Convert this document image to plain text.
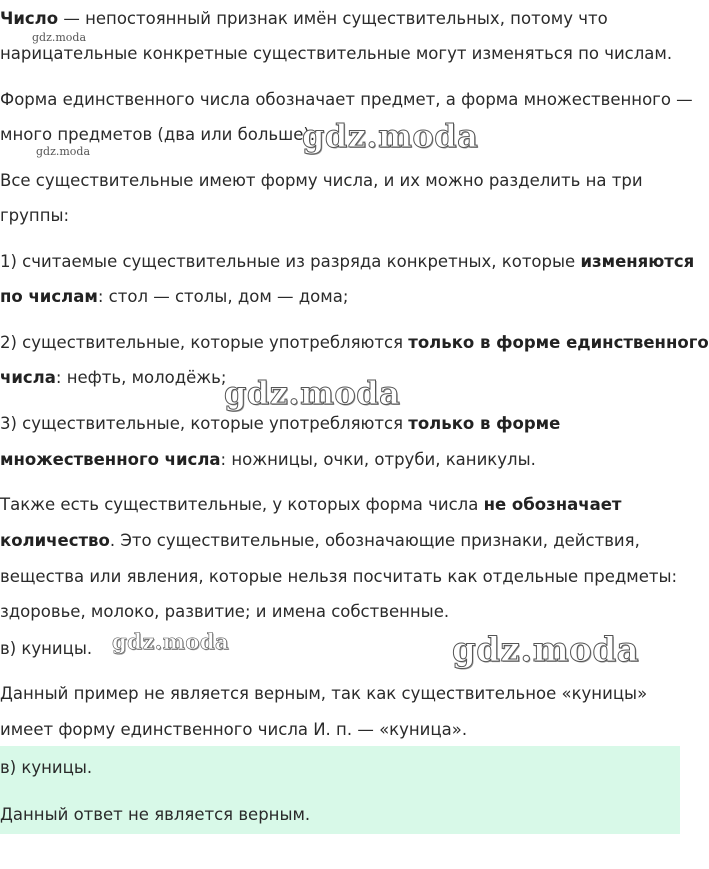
Число — непостоянный признак имён существительных, потому что

нарицательные конкретные существительные могут изменяться по числам.

Форма единственного числа обозначает предмет, а форма множественного —

много предметов (два или больше).

Все существительные имеют форму числа, и их можно разделить на три

группы:

1) считаемые существительные из разряда конкретных, которые изменяются

по числам: стол — столы, дом — дома;

2) существительные, которые употребляются только в форме единственного

числа: нефть, молодёжь;

3) существительные, которые употребляются только в форме

множественного числа: ножницы, очки, отруби, каникулы.

Также есть существительные, у которых форма числа не обозначает

количество. Это существительные, обозначающие признаки, действия,

вещества или явления, которые нельзя посчитать как отдельные предметы:

здоровье, молоко, развитие; и имена собственные.

в) куницы.

Данный пример не является верным, так как существительное «куницы»

имеет форму единственного числа И. п. — «куница».

в) куницы.

Данный ответ не является верным.

gdz.moda
gdz.moda	gdz.moda
gdz.moda
gdz.moda	gdz.moda
